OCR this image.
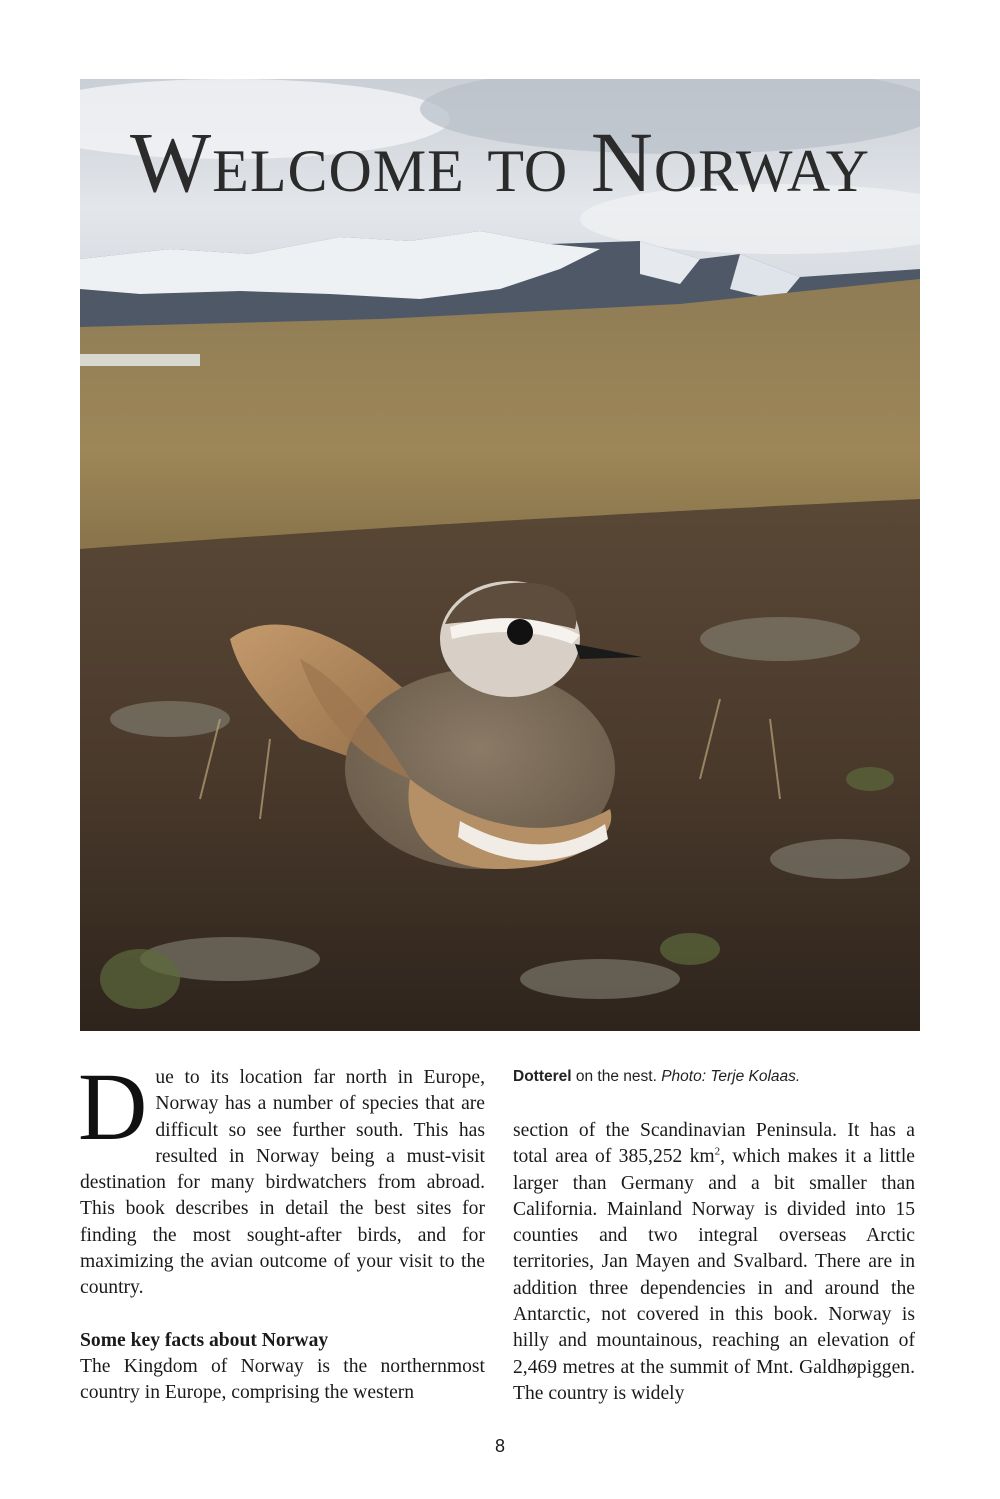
Welcome to Norway
D ue to its location far north in Europe, Norway has a number of species that are difficult so see further south. This has resulted in Norway being a must-visit destination for many birdwatchers from abroad. This book describes in detail the best sites for finding the most sought-after birds, and for maximizing the avian outcome of your visit to the country.

Some key facts about Norway

The Kingdom of Norway is the northernmost country in Europe, comprising the western

Dotterel on the nest. Photo: Terje Kolaas.

section of the Scandinavian Peninsula. It has a total area of 385,252 $km^2$, which makes it a little larger than Germany and a bit smaller than California. Mainland Norway is divided into 15 counties and two integral overseas Arctic territories, Jan Mayen and Svalbard. There are in addition three dependencies in and around the Antarctic, not covered in this book. Norway is hilly and mountainous, reaching an elevation of 2,469 metres at the summit of Mnt. Galdhøpiggen. The country is widely

8
